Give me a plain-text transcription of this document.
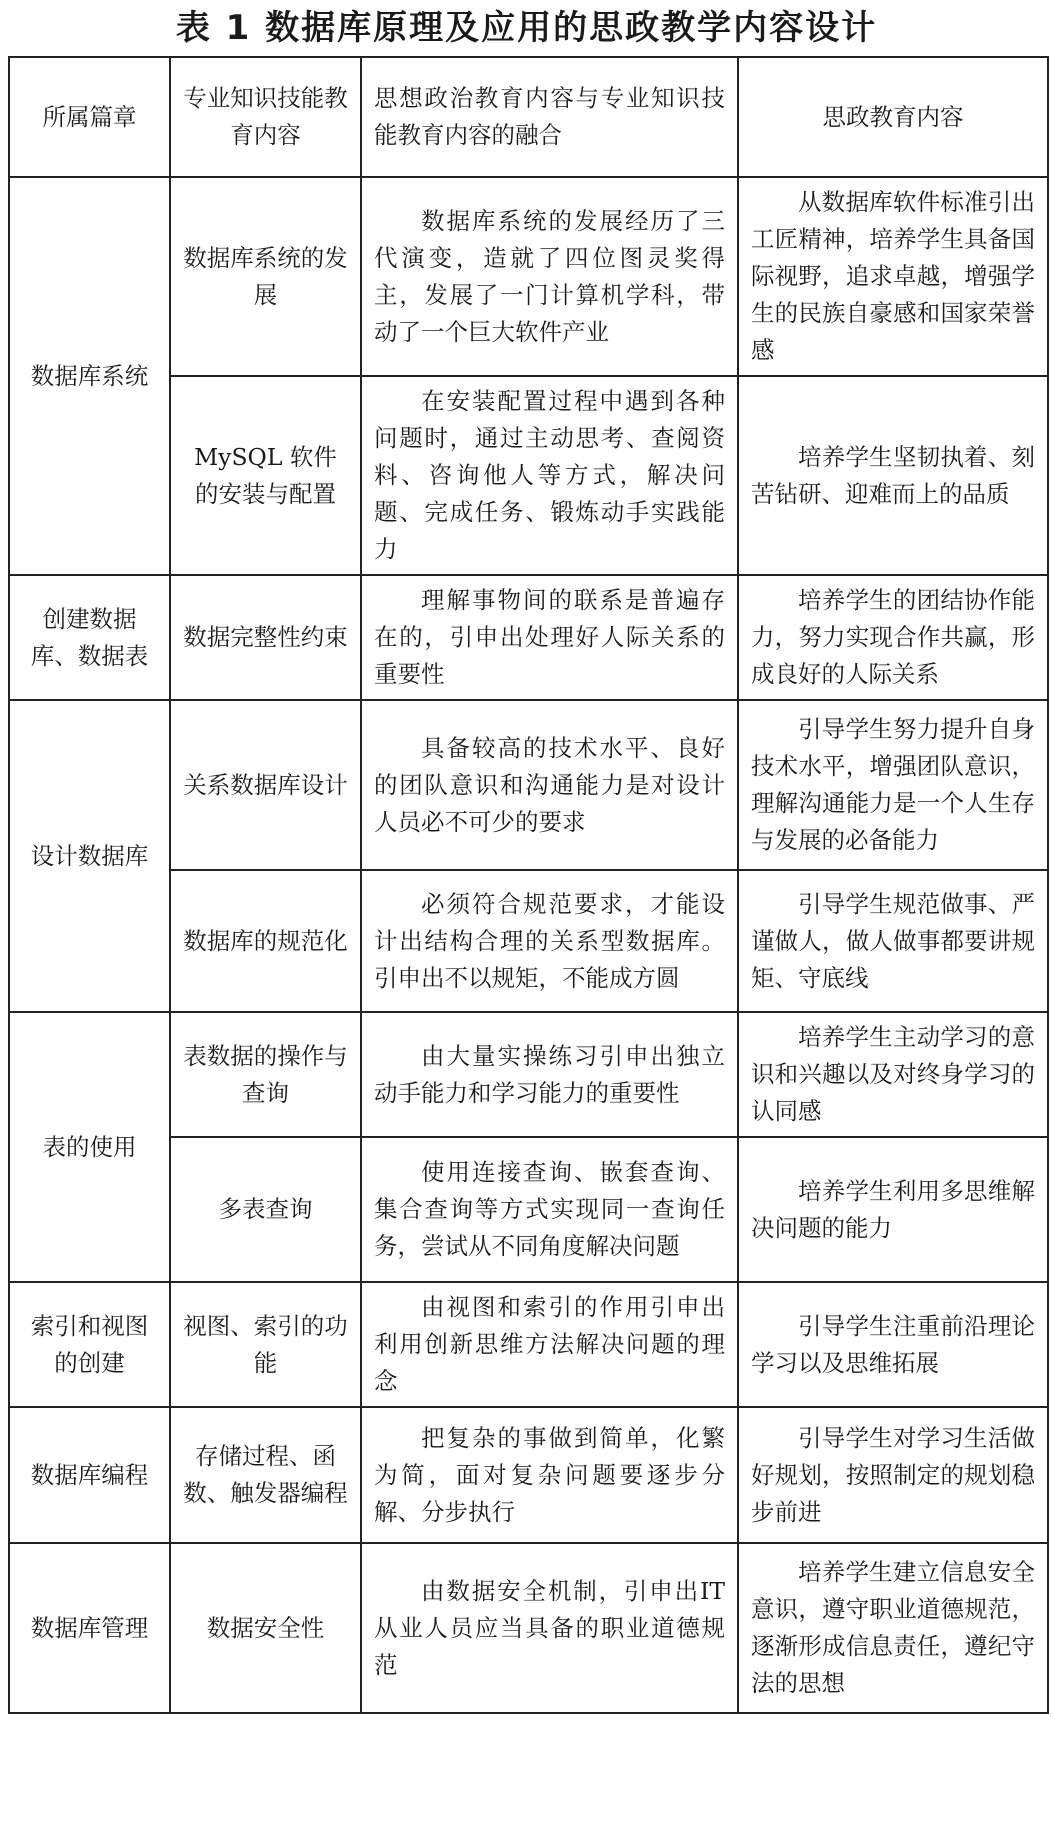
表 1 数据库原理及应用的思政教学内容设计
所属篇章	专业知识技能教育内容	思想政治教育内容与专业知识技能教育内容的融合	思政教育内容
数据库系统	数据库系统的发展	数据库系统的发展经历了三代演变，造就了四位图灵奖得主，发展了一门计算机学科，带动了一个巨大软件产业	从数据库软件标准引出工匠精神，培养学生具备国际视野，追求卓越，增强学生的民族自豪感和国家荣誉感
	MySQL 软件的安装与配置	在安装配置过程中遇到各种问题时，通过主动思考、查阅资料、咨询他人等方式，解决问题、完成任务、锻炼动手实践能力	培养学生坚韧执着、刻苦钻研、迎难而上的品质
创建数据库、数据表	数据完整性约束	理解事物间的联系是普遍存在的，引申出处理好人际关系的重要性	培养学生的团结协作能力，努力实现合作共赢，形成良好的人际关系
设计数据库	关系数据库设计	具备较高的技术水平、良好的团队意识和沟通能力是对设计人员必不可少的要求	引导学生努力提升自身技术水平，增强团队意识，理解沟通能力是一个人生存与发展的必备能力
	数据库的规范化	必须符合规范要求，才能设计出结构合理的关系型数据库。引申出不以规矩，不能成方圆	引导学生规范做事、严谨做人，做人做事都要讲规矩、守底线
表的使用	表数据的操作与查询	由大量实操练习引申出独立动手能力和学习能力的重要性	培养学生主动学习的意识和兴趣以及对终身学习的认同感
	多表查询	使用连接查询、嵌套查询、集合查询等方式实现同一查询任务，尝试从不同角度解决问题	培养学生利用多思维解决问题的能力
索引和视图的创建	视图、索引的功能	由视图和索引的作用引申出利用创新思维方法解决问题的理念	引导学生注重前沿理论学习以及思维拓展
数据库编程	存储过程、函数、触发器编程	把复杂的事做到简单，化繁为简，面对复杂问题要逐步分解、分步执行	引导学生对学习生活做好规划，按照制定的规划稳步前进
数据库管理	数据安全性	由数据安全机制，引申出IT从业人员应当具备的职业道德规范	培养学生建立信息安全意识，遵守职业道德规范，逐渐形成信息责任，遵纪守法的思想
